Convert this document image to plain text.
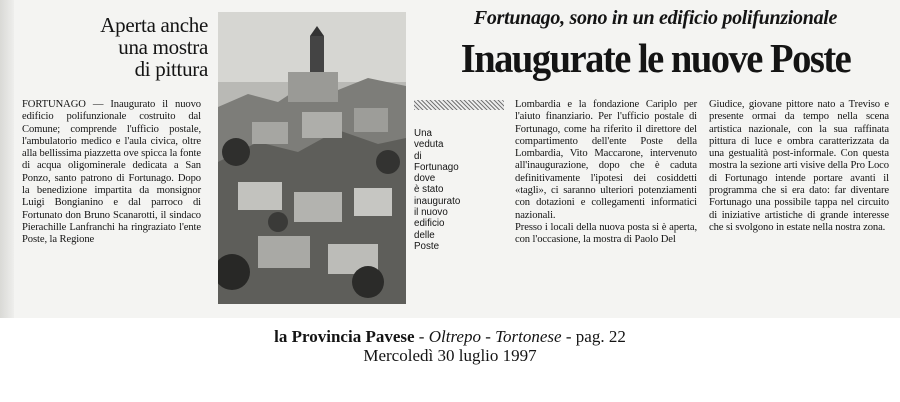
Aperta anche
una mostra
di pittura
FORTUNAGO — Inaugurato il nuovo edificio polifunzionale costruito dal Comune; comprende l'ufficio postale, l'ambulatorio medico e l'aula civica, oltre alla bellissima piazzetta ove spicca la fonte di acqua oligominerale dedicata a San Ponzo, santo patrono di Fortunago. Dopo la benedizione impartita da monsignor Luigi Bongianino e dal parroco di Fortunato don Bruno Scanarotti, il sindaco Pierachille Lanfranchi ha ringraziato l'ente Poste, la Regione
Fortunago, sono in un edificio polifunzionale
Inaugurate le nuove Poste
Una
veduta
di
Fortunago
dove
è stato
inaugurato
il nuovo
edificio
delle
Poste
Lombardia e la fondazione Cariplo per l'aiuto finanziario. Per l'ufficio postale di Fortunago, come ha riferito il direttore del compartimento dell'ente Poste della Lombardia, Vito Maccarone, intervenuto all'inaugurazione, dopo che è caduta definitivamente l'ipotesi dei cosiddetti «tagli», ci saranno ulteriori potenziamenti con dotazioni e collegamenti informatici nazionali.
Presso i locali della nuova posta si è aperta, con l'occasione, la mostra di Paolo Del
Giudice, giovane pittore nato a Treviso e presente ormai da tempo nella scena artistica nazionale, con la sua raffinata pittura di luce e ombra caratterizzata da una gestualità post-informale. Con questa mostra la sezione arti visive della Pro Loco di Fortunago intende portare avanti il programma che si era dato: far diventare Fortunago una possibile tappa nel circuito di iniziative artistiche di grande interesse che si svolgono in estate nella nostra zona.
la Provincia Pavese - Oltrepo - Tortonese - pag. 22
Mercoledì 30 luglio 1997
